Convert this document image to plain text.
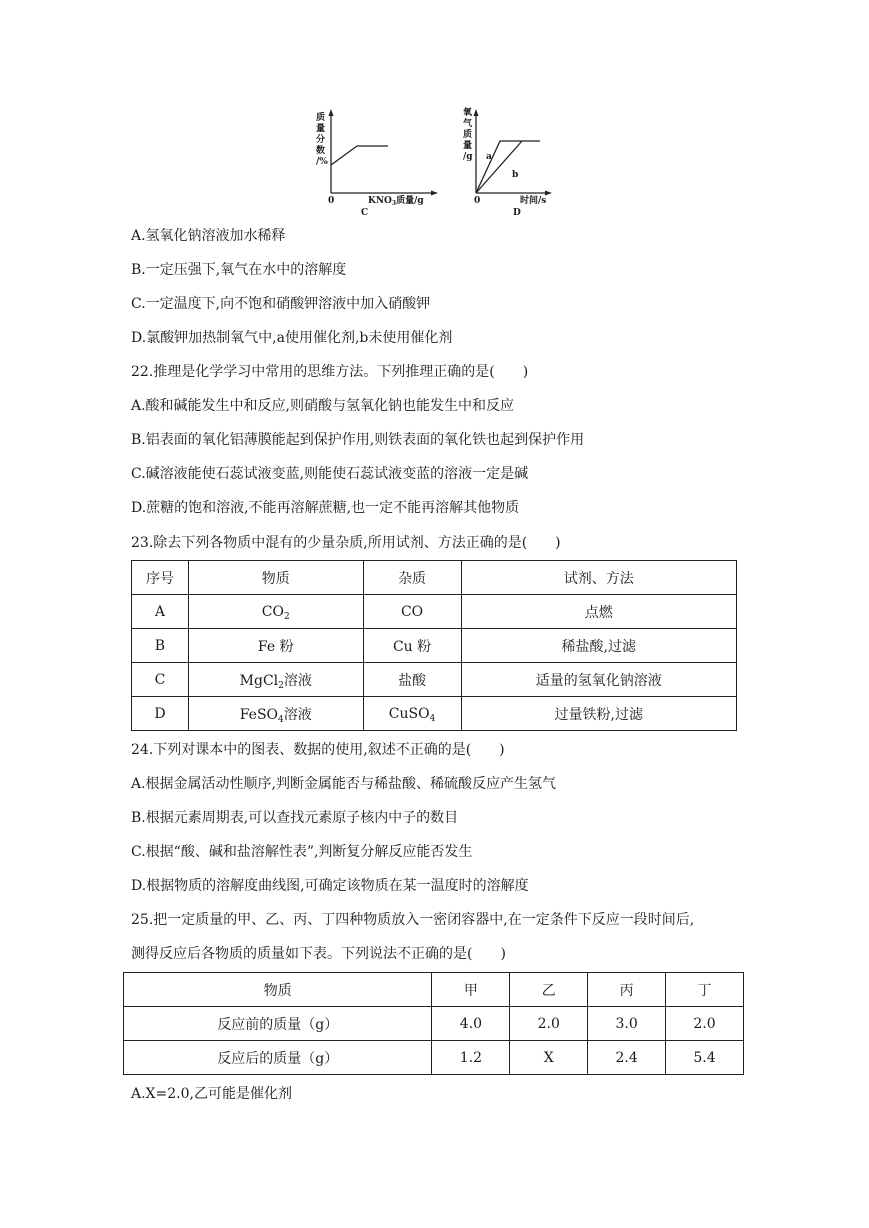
质
量
分
数
/%
0	$KNO_3$质量/g
C
a
b
氧
气
质
量
/g
0	时间/s
D
A.氢氧化钠溶液加水稀释
B.一定压强下,氧气在水中的溶解度
C.一定温度下,向不饱和硝酸钾溶液中加入硝酸钾
D.氯酸钾加热制氧气中,a使用催化剂,b未使用催化剂
22.推理是化学学习中常用的思维方法。下列推理正确的是(　　)
A.酸和碱能发生中和反应,则硝酸与氢氧化钠也能发生中和反应
B.铝表面的氧化铝薄膜能起到保护作用,则铁表面的氧化铁也起到保护作用
C.碱溶液能使石蕊试液变蓝,则能使石蕊试液变蓝的溶液一定是碱
D.蔗糖的饱和溶液,不能再溶解蔗糖,也一定不能再溶解其他物质
23.除去下列各物质中混有的少量杂质,所用试剂、方法正确的是(　　)
序号	物质	杂质	试剂、方法
A	$CO_2$	CO	点燃
B	Fe 粉	Cu 粉	稀盐酸,过滤
C	MgCl$_2$溶液	盐酸	适量的氢氧化钠溶液
D	FeSO$_4$溶液	CuSO$_4$	过量铁粉,过滤
24.下列对课本中的图表、数据的使用,叙述不正确的是(　　)
A.根据金属活动性顺序,判断金属能否与稀盐酸、稀硫酸反应产生氢气
B.根据元素周期表,可以查找元素原子核内中子的数目
C.根据“酸、碱和盐溶解性表”,判断复分解反应能否发生
D.根据物质的溶解度曲线图,可确定该物质在某一温度时的溶解度
25.把一定质量的甲、乙、丙、丁四种物质放入一密闭容器中,在一定条件下反应一段时间后,
测得反应后各物质的质量如下表。下列说法不正确的是(　　)
物质	甲	乙	丙	丁
反应前的质量（g）	4.0	2.0	3.0	2.0
反应后的质量（g）	1.2	X	2.4	5.4
A.X=2.0,乙可能是催化剂
